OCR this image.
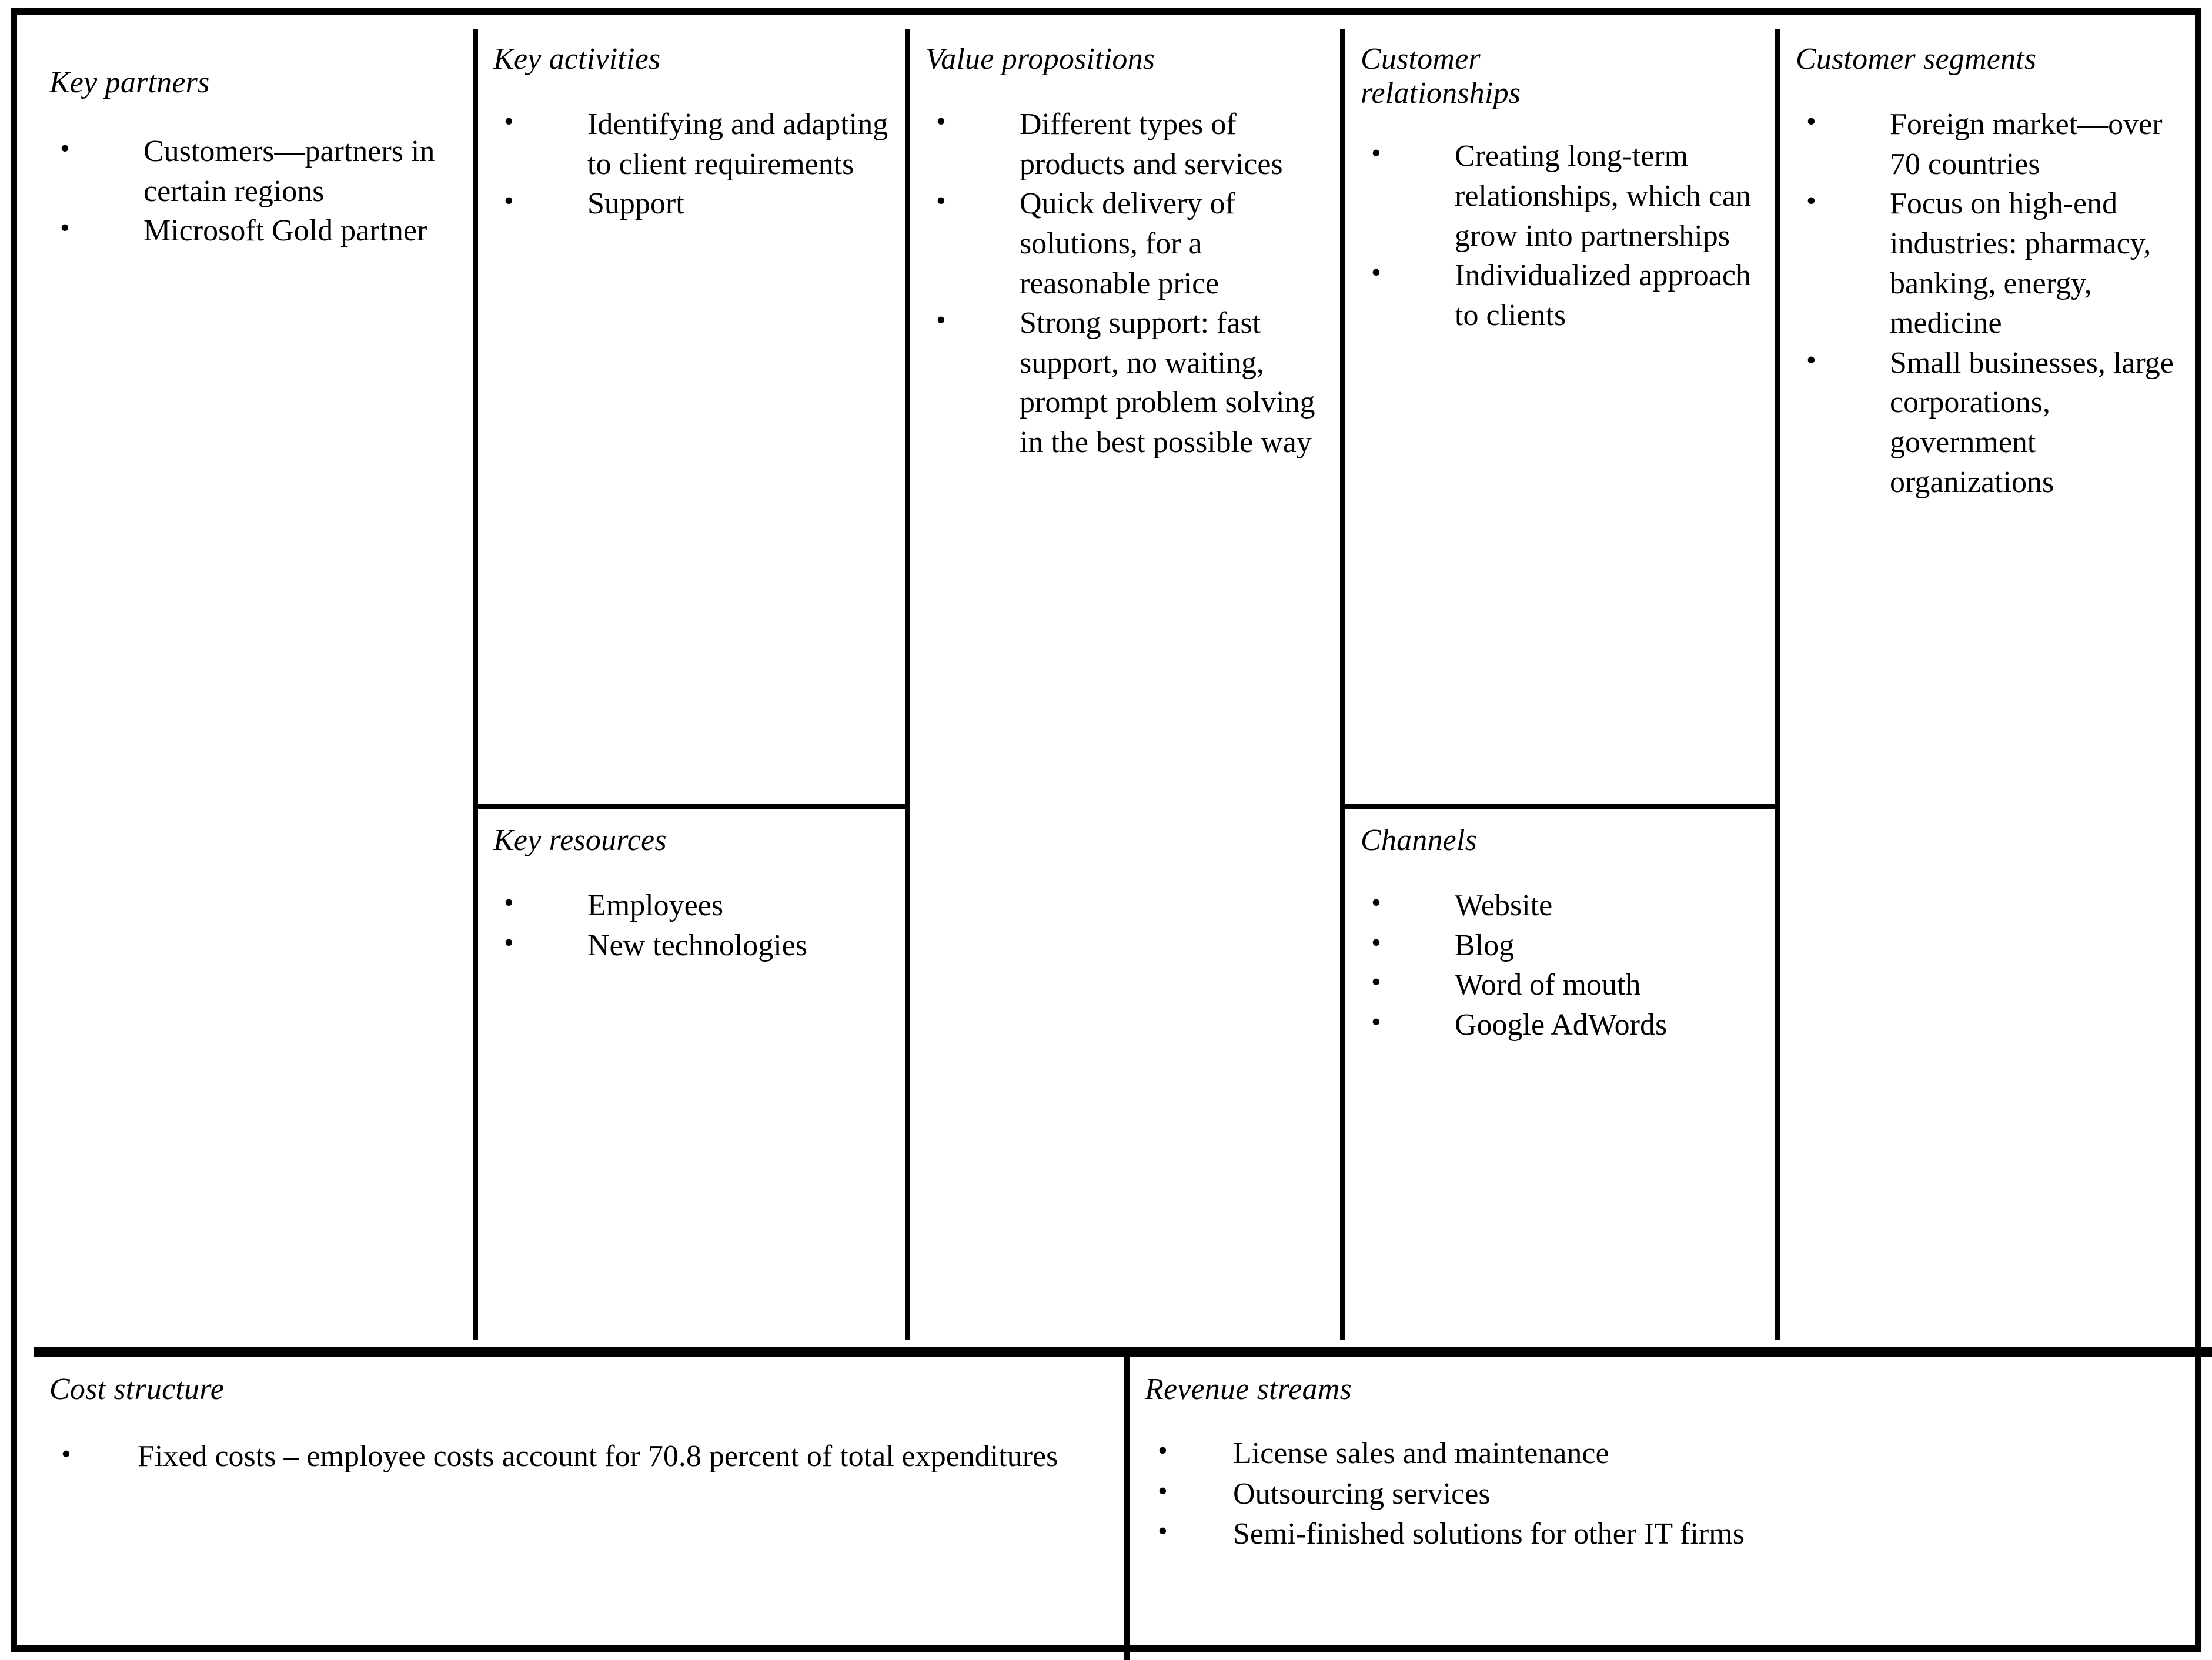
Key partners
• Customers—partners in certain regions
• Microsoft Gold partner
Key activities
• Identifying and adapting to client requirements
• Support
Key resources
• Employees
• New technologies
Value propositions
• Different types of products and services
• Quick delivery of solutions, for a reasonable price
• Strong support: fast support, no waiting, prompt problem solving in the best possible way
Customer relationships
• Creating long-term relationships, which can grow into partnerships
• Individualized approach to clients
Channels
• Website
• Blog
• Word of mouth
• Google AdWords
Customer segments
• Foreign market—over 70 countries
• Focus on high-end industries: pharmacy, banking, energy, medicine
• Small businesses, large corporations, government organizations
Cost structure
• Fixed costs – employee costs account for 70.8 percent of total expenditures
Revenue streams
• License sales and maintenance
• Outsourcing services
• Semi-finished solutions for other IT firms
